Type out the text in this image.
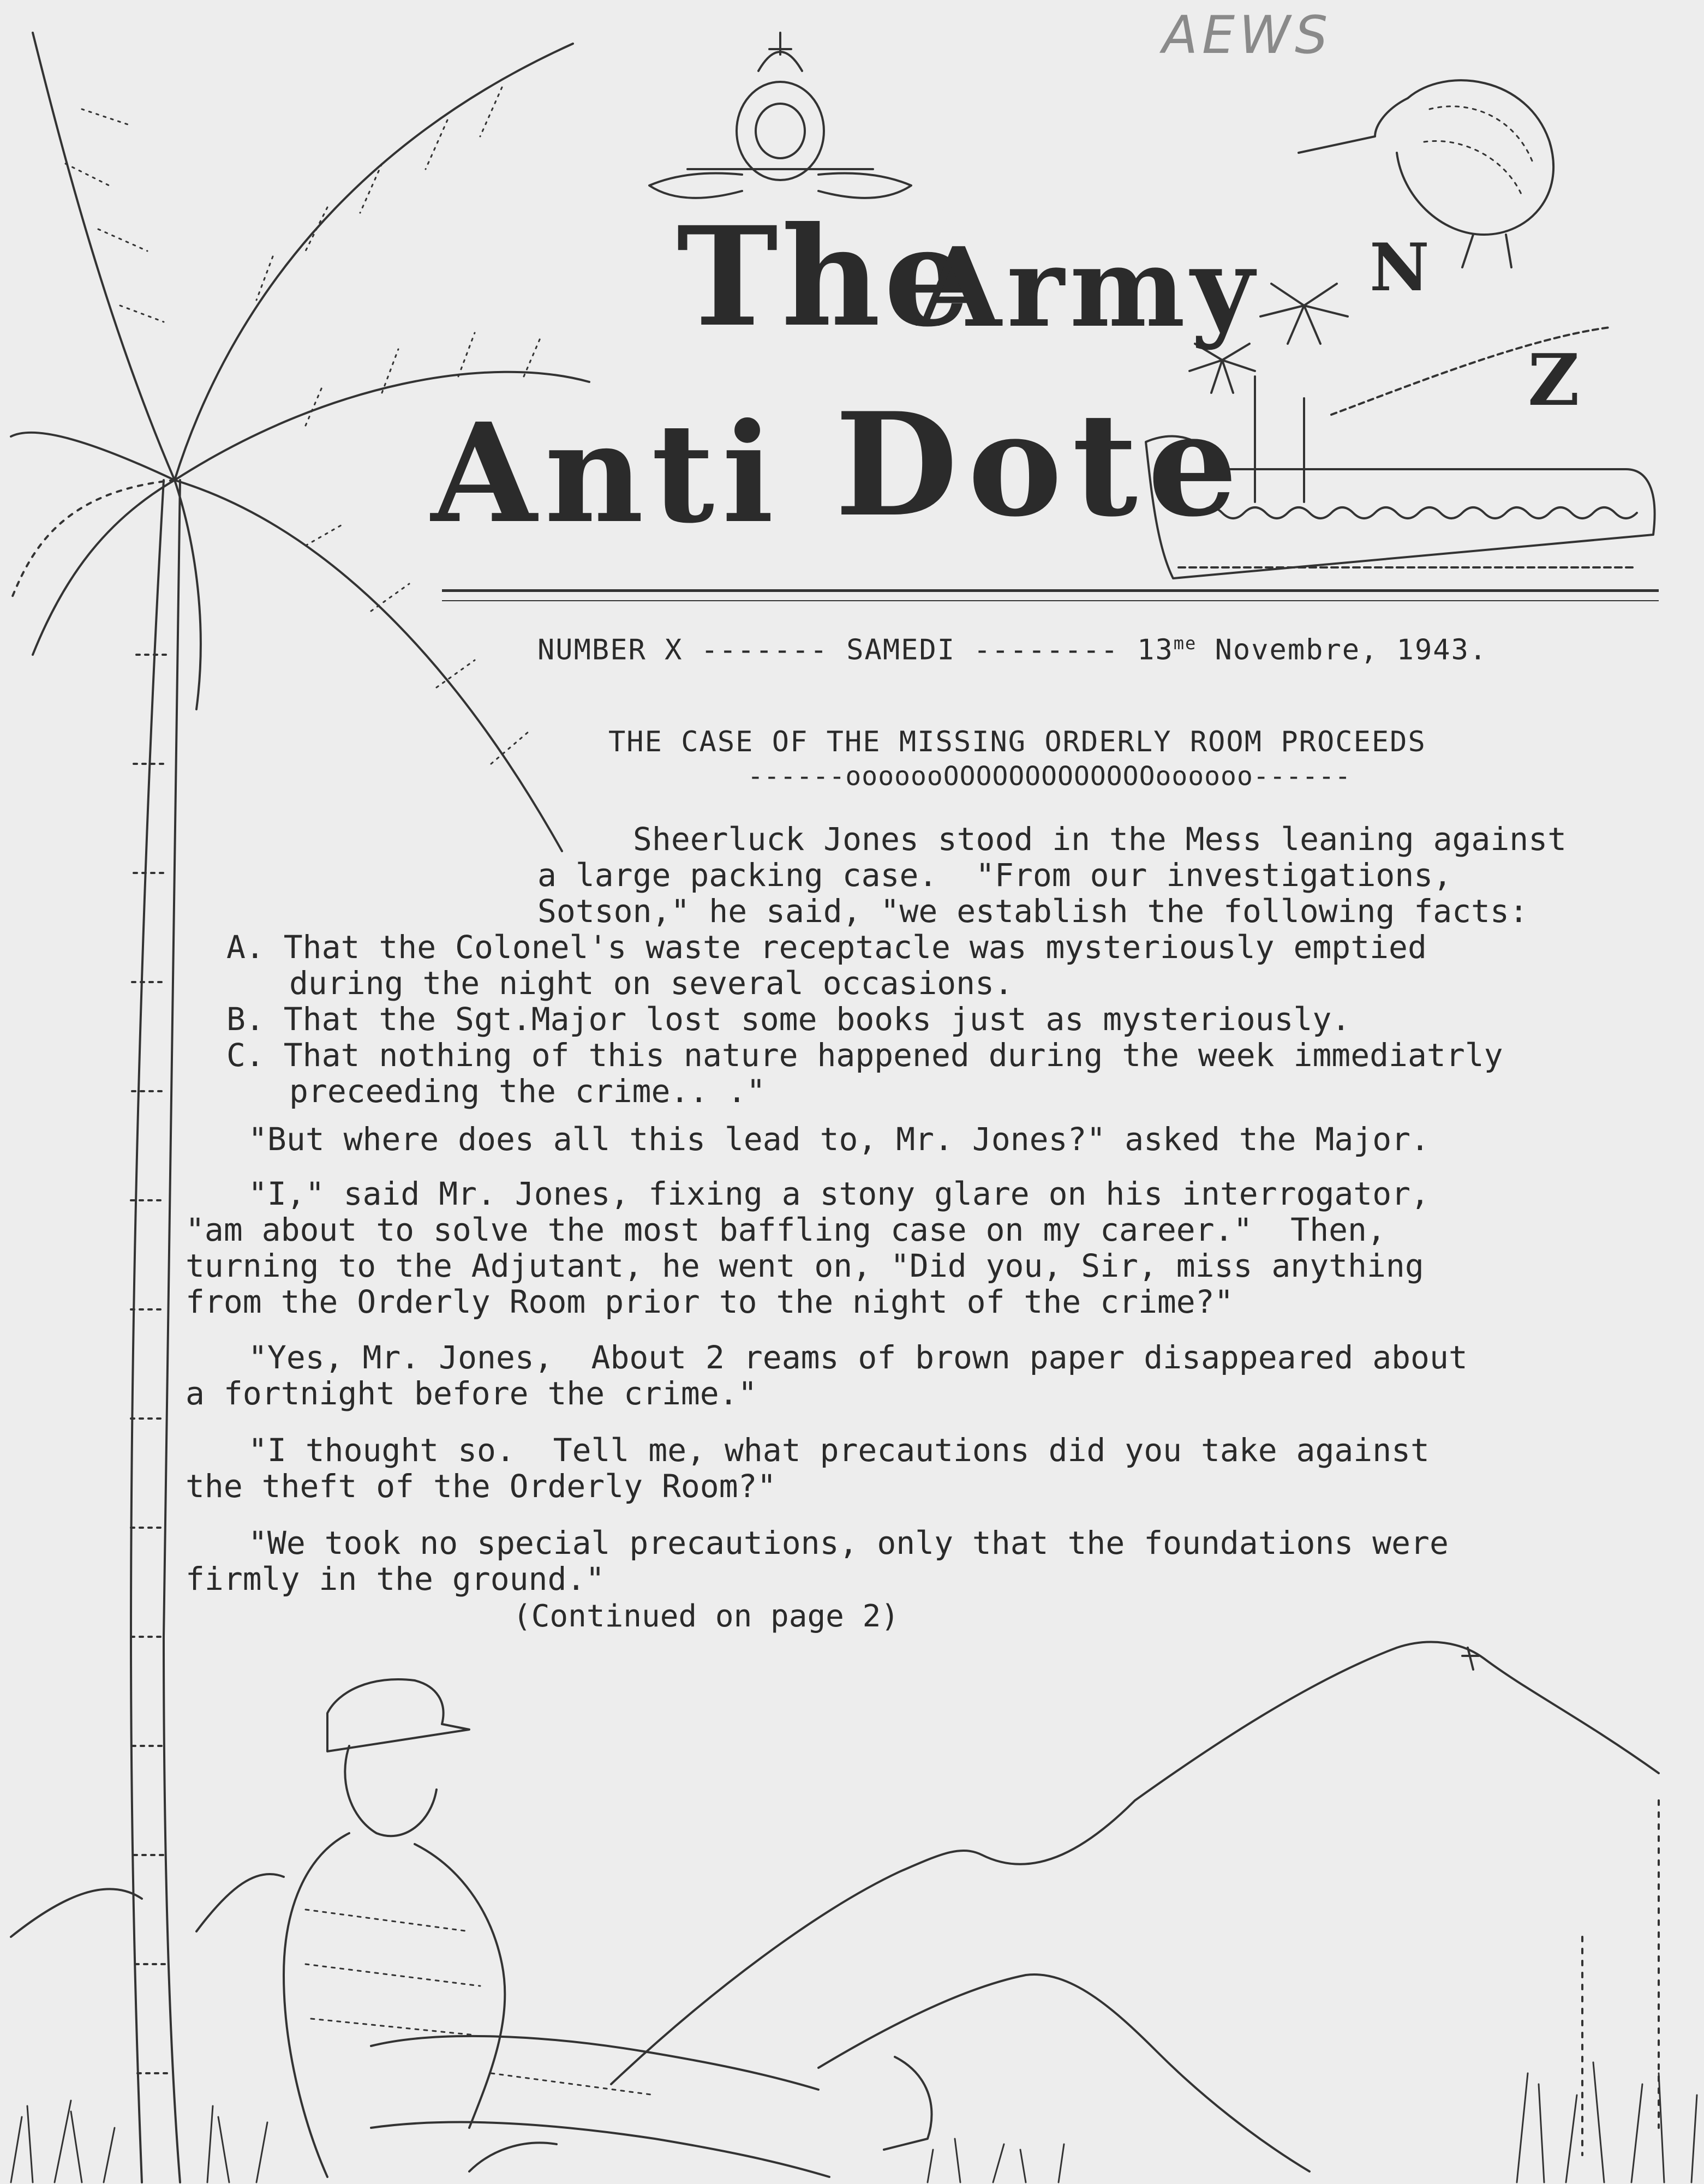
AEWS
The
Army
Anti Dote
N
Z
NUMBER X ------- SAMEDI -------- $13^{me}$ Novembre, 1943.
THE CASE OF THE MISSING ORDERLY ROOM PROCEEDS
------ooooooOOOOOOOOOOOOOoooooo------
Sheerluck Jones stood in the Mess leaning against
a large packing case.  "From our investigations,
Sotson," he said, "we establish the following facts:
A. That the Colonel's waste receptacle was mysteriously emptied
during the night on several occasions.
B. That the Sgt.Major lost some books just as mysteriously.
C. That nothing of this nature happened during the week immediatrly
preceeding the crime.. ."
"But where does all this lead to, Mr. Jones?" asked the Major.
"I," said Mr. Jones, fixing a stony glare on his interrogator,
"am about to solve the most baffling case on my career."  Then,
turning to the Adjutant, he went on, "Did you, Sir, miss anything
from the Orderly Room prior to the night of the crime?"
"Yes, Mr. Jones,  About 2 reams of brown paper disappeared about
a fortnight before the crime."
"I thought so.  Tell me, what precautions did you take against
the theft of the Orderly Room?"
"We took no special precautions, only that the foundations were
firmly in the ground."
(Continued on page 2)
